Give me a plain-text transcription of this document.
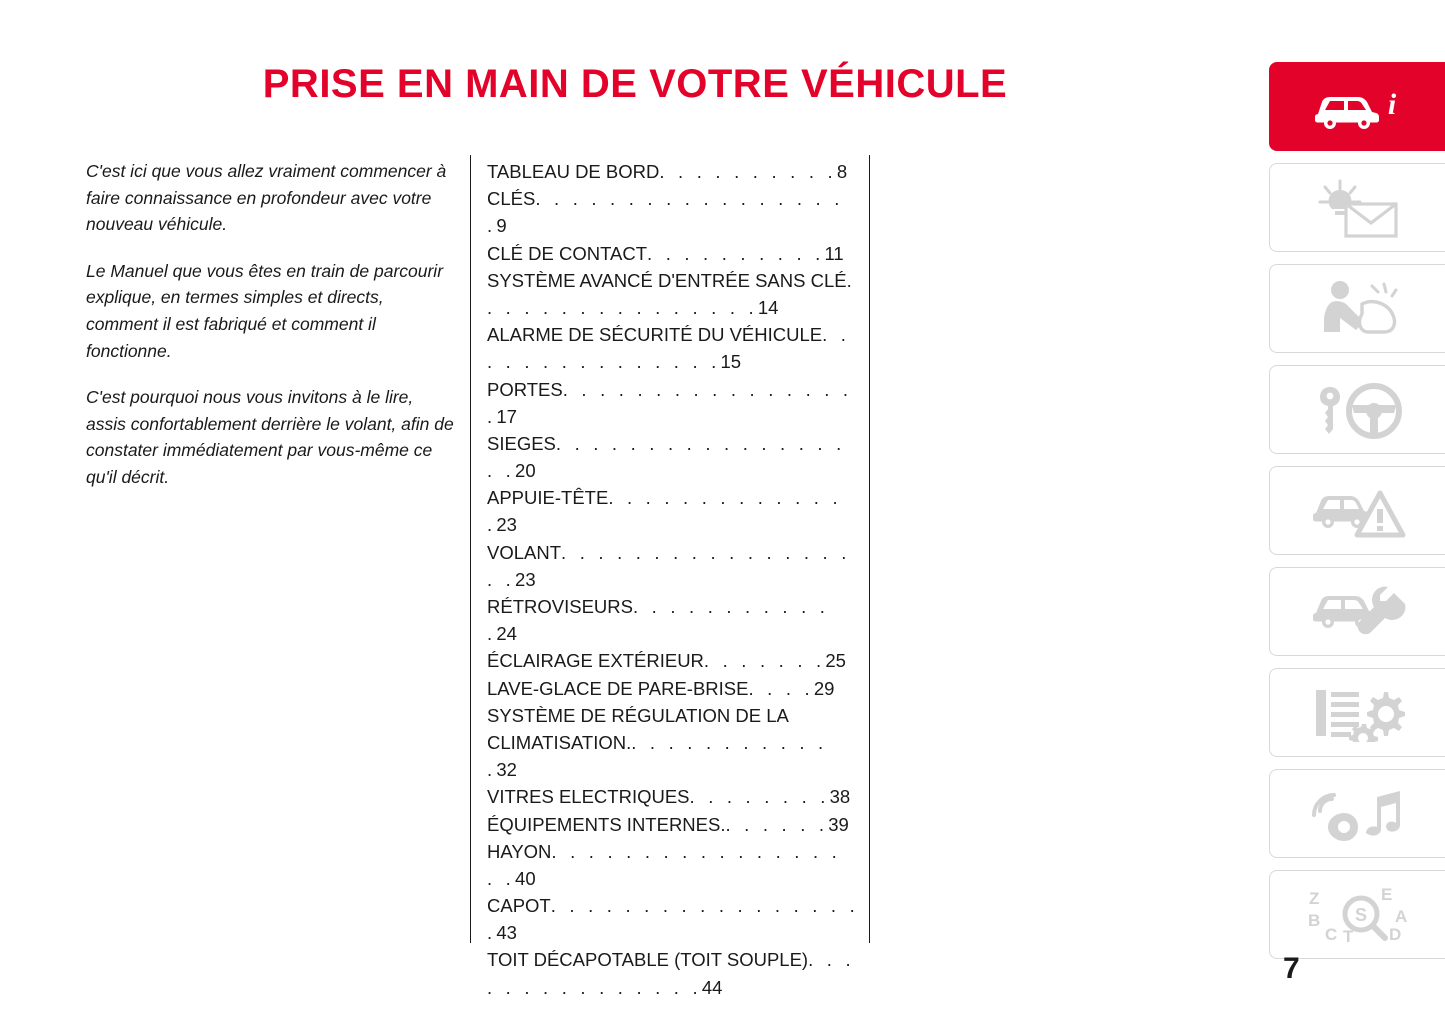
PRISE EN MAIN DE VOTRE VÉHICULE

C'est ici que vous allez vraiment commencer à faire connaissance en profondeur avec votre nouveau véhicule.

Le Manuel que vous êtes en train de parcourir explique, en termes simples et directs, comment il est fabriqué et comment il fonctionne.

C'est pourquoi nous vous invitons à le lire, assis confortablement derrière le volant, afin de constater immédiatement par vous-même ce qu'il décrit.

TABLEAU DE BORD. . . . . . . . . .8
CLÉS. . . . . . . . . . . . . . . . . .9
CLÉ DE CONTACT. . . . . . . . . .11
SYSTÈME AVANCÉ D'ENTRÉE SANS CLÉ. . . . . . . . . . . . . . . .14
ALARME DE SÉCURITÉ DU VÉHICULE. . . . . . . . . . . . . . .15
PORTES. . . . . . . . . . . . . . . . .17
SIEGES. . . . . . . . . . . . . . . . . .20
APPUIE-TÊTE. . . . . . . . . . . . . .23
VOLANT. . . . . . . . . . . . . . . . . .23
RÉTROVISEURS. . . . . . . . . . . .24
ÉCLAIRAGE EXTÉRIEUR. . . . . . .25
LAVE-GLACE DE PARE-BRISE. . . .29
SYSTÈME DE RÉGULATION DE LA CLIMATISATION.. . . . . . . . . . . .32
VITRES ELECTRIQUES. . . . . . . .38
ÉQUIPEMENTS INTERNES.. . . . . .39
HAYON. . . . . . . . . . . . . . . . . .40
CAPOT. . . . . . . . . . . . . . . . . .43
TOIT DÉCAPOTABLE (TOIT SOUPLE). . . . . . . . . . . . . . .44
i
Z
B
C T
E
A
D
S
7
